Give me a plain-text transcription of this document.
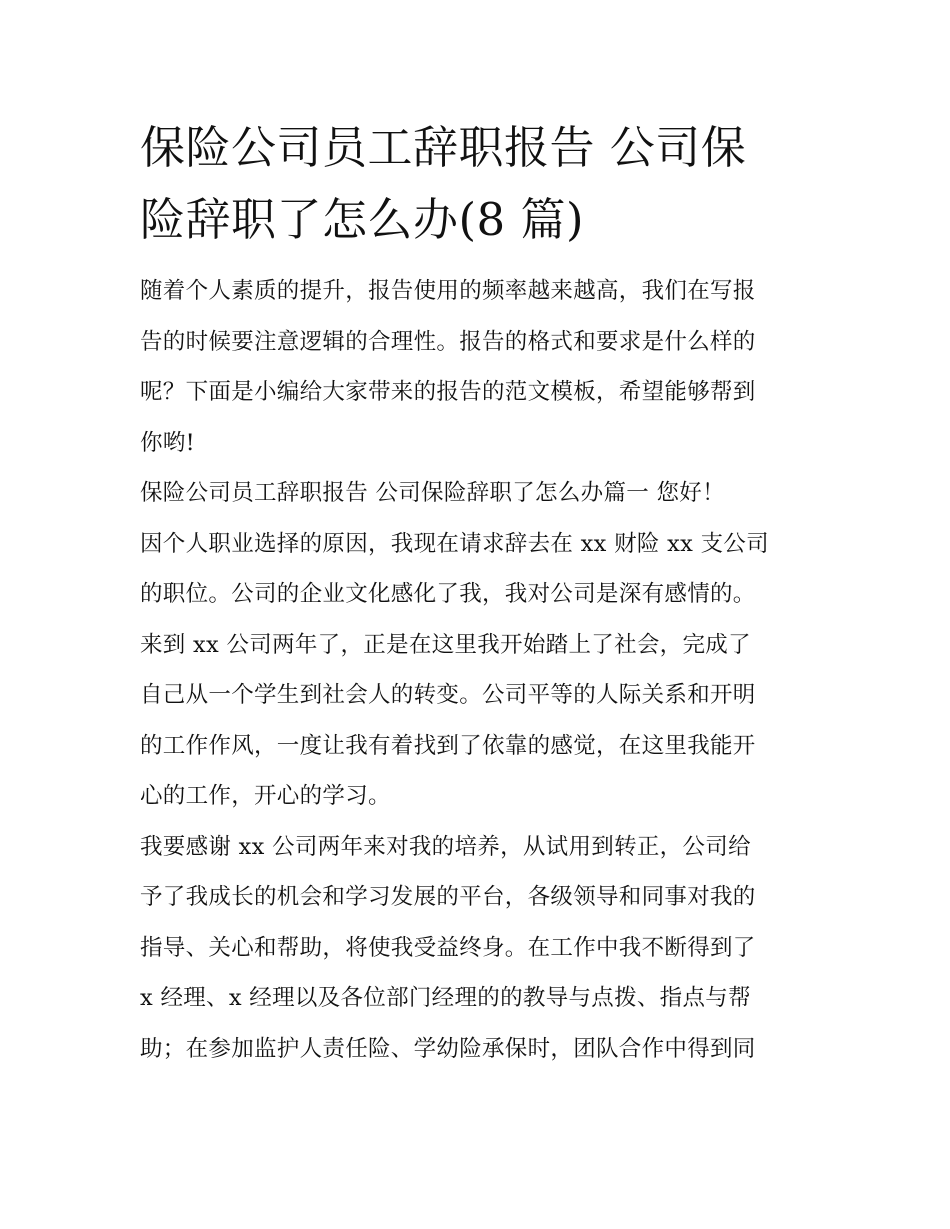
保险公司员工辞职报告 公司保
险辞职了怎么办(8 篇)

随着个人素质的提升，报告使用的频率越来越高，我们在写报
告的时候要注意逻辑的合理性。报告的格式和要求是什么样的
呢？下面是小编给大家带来的报告的范文模板，希望能够帮到
你哟!

保险公司员工辞职报告 公司保险辞职了怎么办篇一 您好！

因个人职业选择的原因，我现在请求辞去在 xx 财险 xx 支公司
的职位。公司的企业文化感化了我，我对公司是深有感情的。
来到 xx 公司两年了，正是在这里我开始踏上了社会，完成了
自己从一个学生到社会人的转变。公司平等的人际关系和开明
的工作作风，一度让我有着找到了依靠的感觉，在这里我能开
心的工作，开心的学习。

我要感谢 xx 公司两年来对我的培养，从试用到转正，公司给
予了我成长的机会和学习发展的平台，各级领导和同事对我的
指导、关心和帮助，将使我受益终身。在工作中我不断得到了
x 经理、x 经理以及各位部门经理的的教导与点拨、指点与帮
助；在参加监护人责任险、学幼险承保时，团队合作中得到同
